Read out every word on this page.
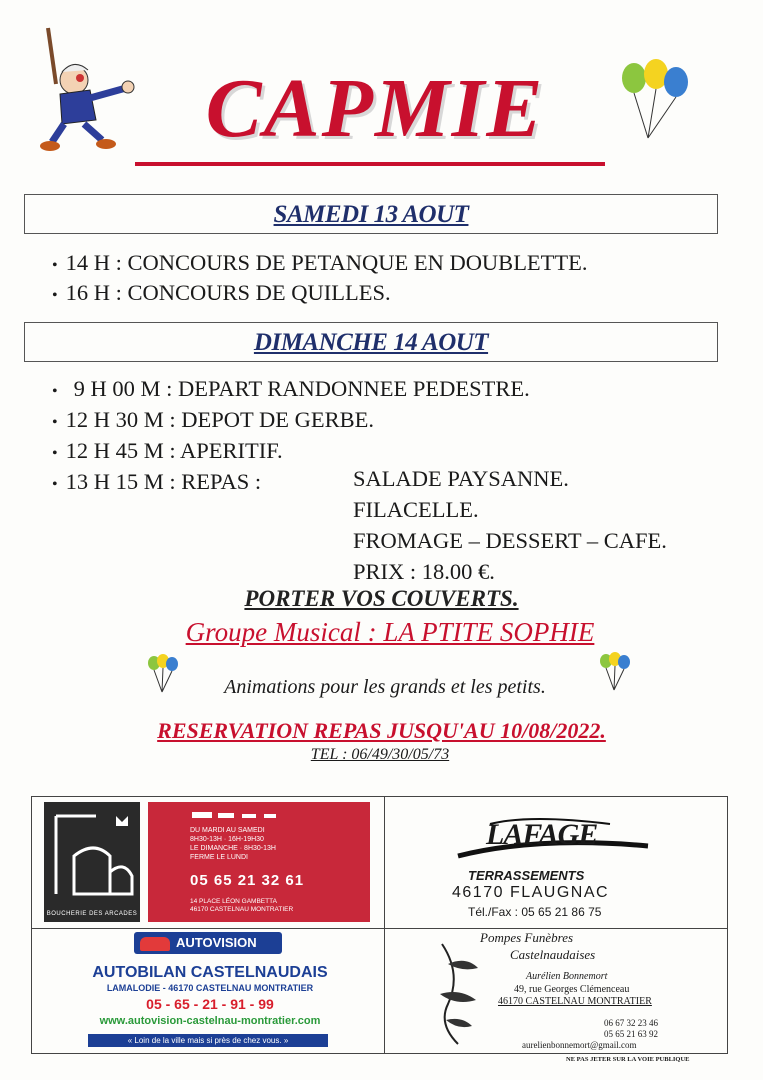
CAPMIE
SAMEDI 13 AOUT
• 14 H : CONCOURS DE PETANQUE EN DOUBLETTE.
• 16 H : CONCOURS DE QUILLES.
DIMANCHE 14 AOUT
• 9 H 00 M : DEPART RANDONNEE PEDESTRE.
• 12 H 30 M : DEPOT DE GERBE.
• 12 H 45 M : APERITIF.
• 13 H 15 M : REPAS :	SALADE PAYSANNE.
FILACELLE.
FROMAGE – DESSERT – CAFE.
PRIX : 18.00 €.
PORTER VOS COUVERTS.
Groupe Musical : LA PTITE SOPHIE
Animations pour les grands et les petits.
RESERVATION REPAS JUSQU'AU 10/08/2022.
TEL : 06/49/30/05/73
BOUCHERIE DES ARCADES
DU MARDI AU SAMEDI
8H30-13H · 16H-19H30
LE DIMANCHE · 8H30-13H
FERME LE LUNDI
05 65 21 32 61
14 PLACE LÉON GAMBETTA
46170 CASTELNAU MONTRATIER
LAFAGE
TERRASSEMENTS
46170 FLAUGNAC
Tél./Fax : 05 65 21 86 75
AUTOVISION
AUTOBILAN CASTELNAUDAIS
LAMALODIE - 46170 CASTELNAU MONTRATIER
05 - 65 - 21 - 91 - 99
www.autovision-castelnau-montratier.com
« Loin de la ville mais si près de chez vous. »
Pompes Funèbres
Castelnaudaises
Aurélien Bonnemort
49, rue Georges Clémenceau
46170 CASTELNAU MONTRATIER
06 67 32 23 46
05 65 21 63 92
aurelienbonnemort@gmail.com
NE PAS JETER SUR LA VOIE PUBLIQUE
